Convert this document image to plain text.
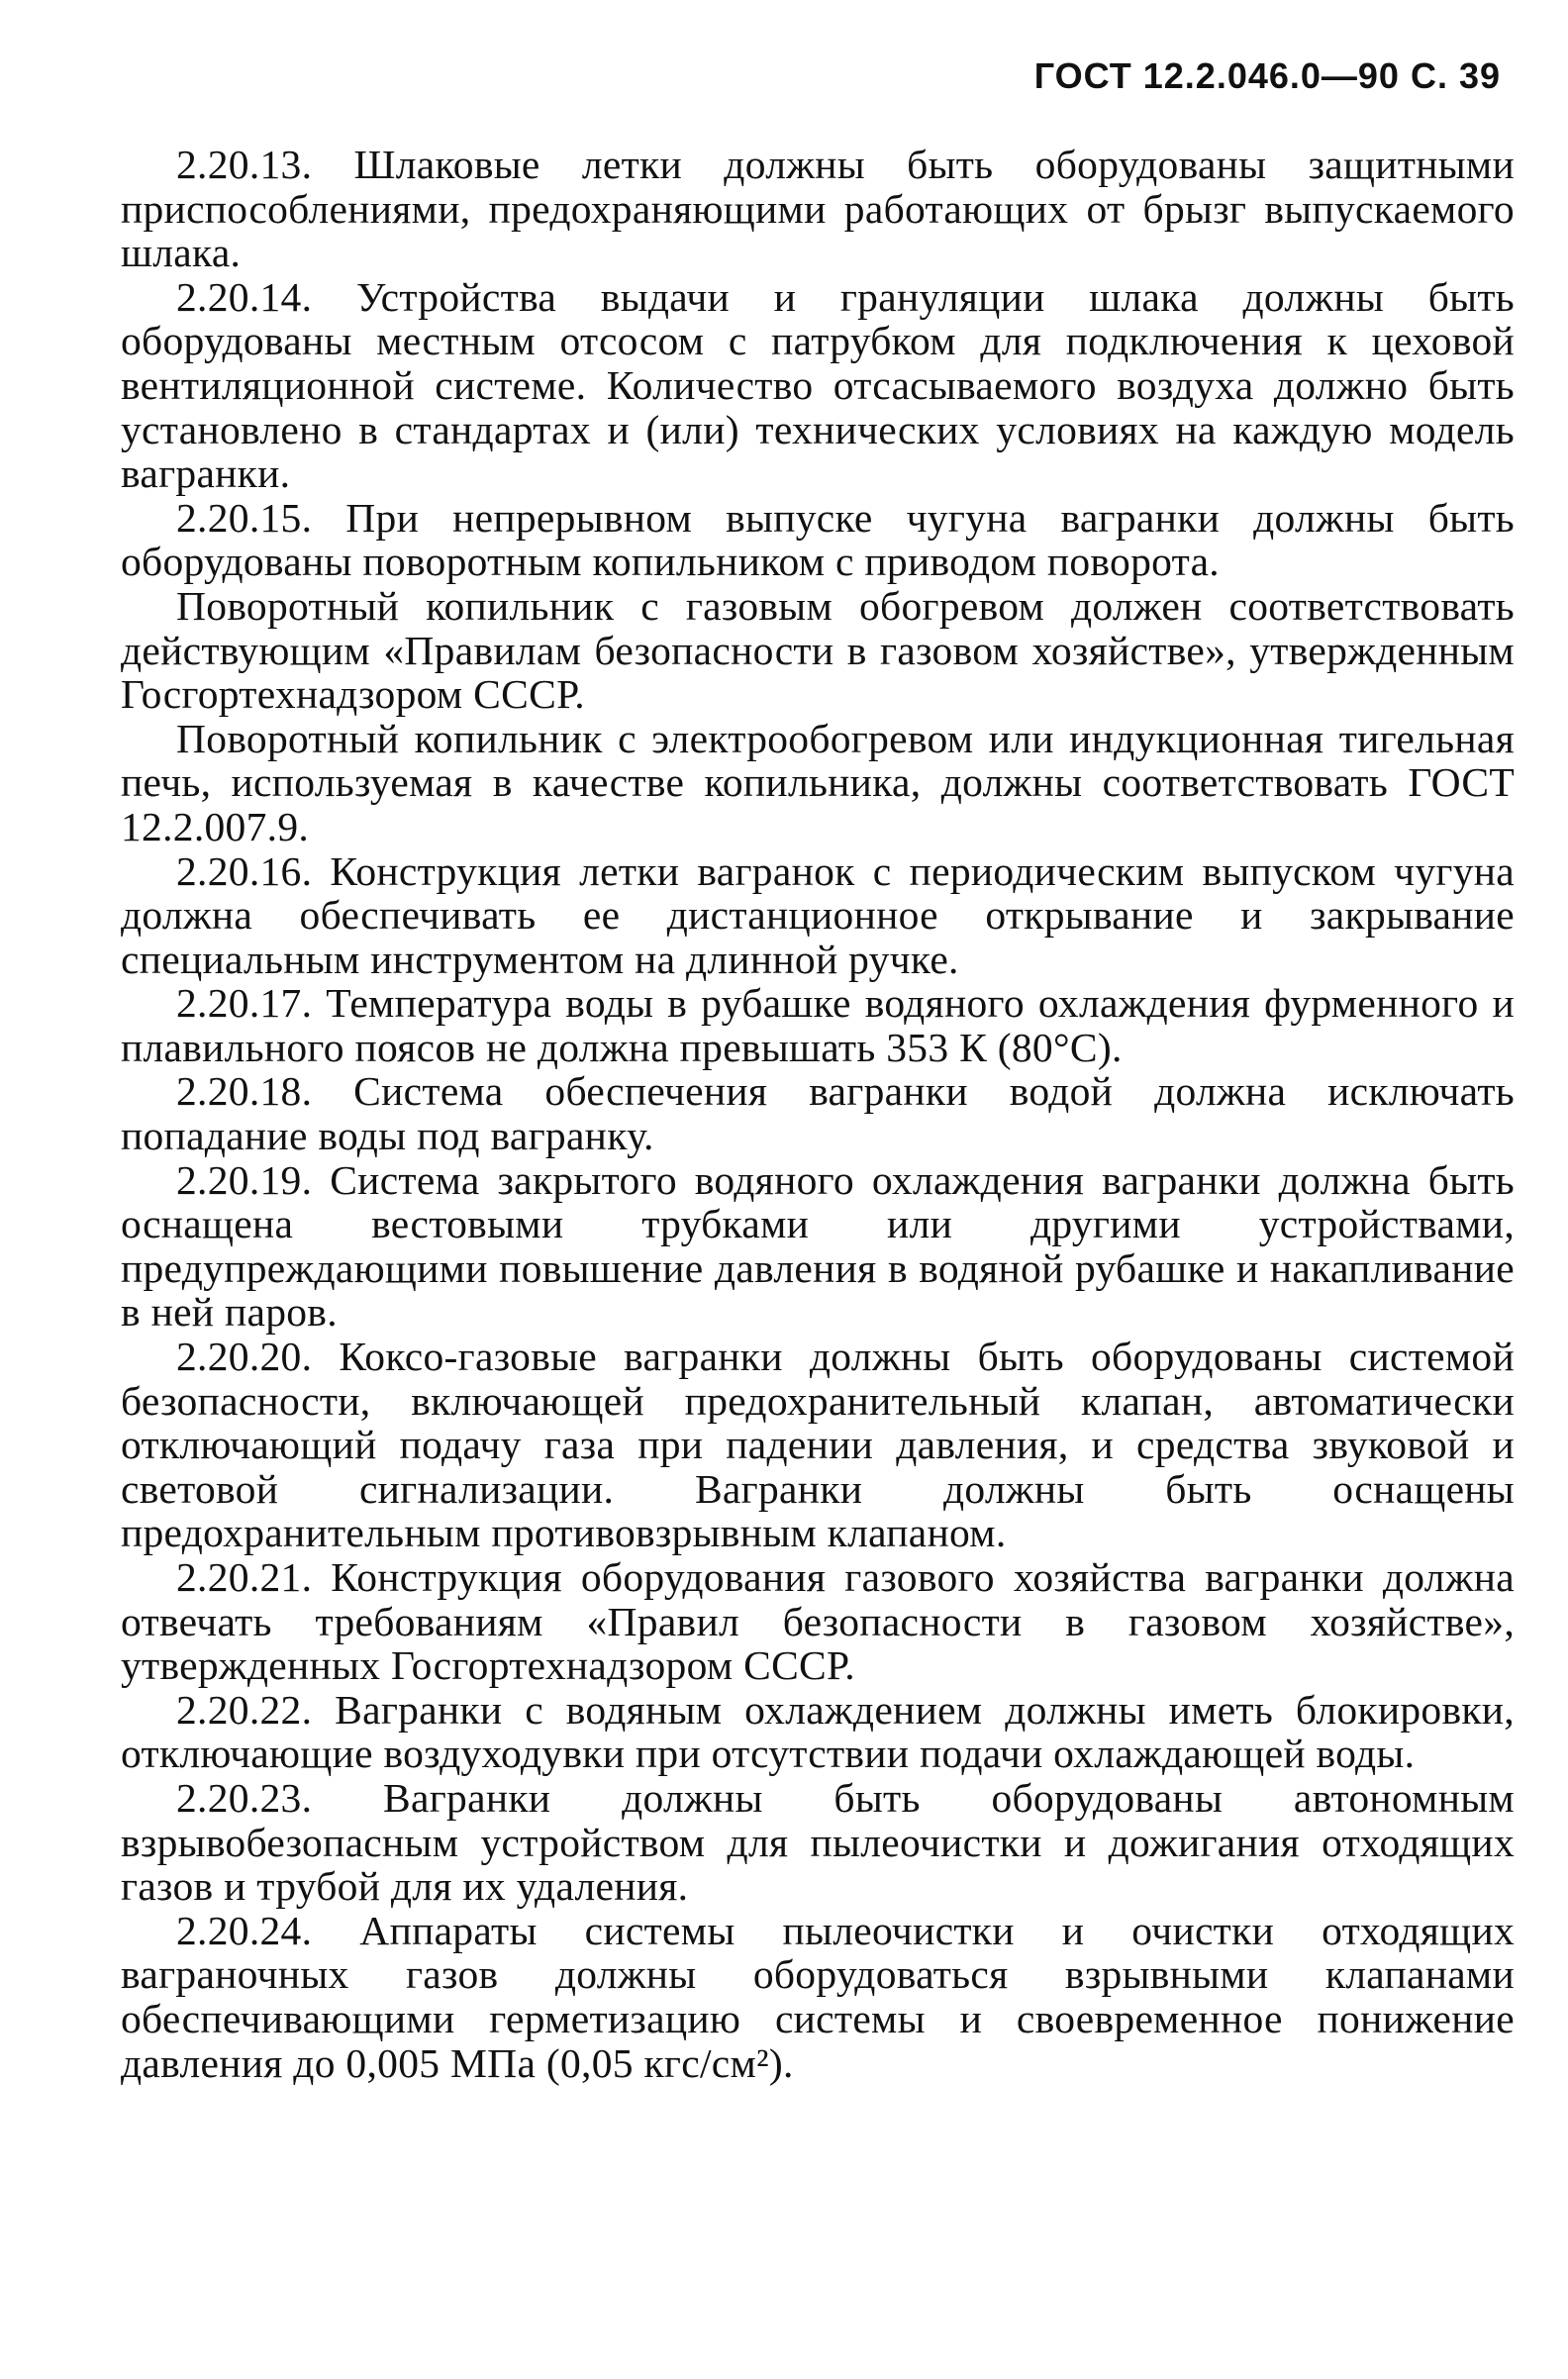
ГОСТ 12.2.046.0—90 С. 39

2.20.13. Шлаковые летки должны быть оборудованы защитными приспособлениями, предохраняющими работающих от брызг выпускаемого шлака.

2.20.14. Устройства выдачи и грануляции шлака должны быть оборудованы местным отсосом с патрубком для подключения к цеховой вентиляционной системе. Количество отсасываемого воздуха должно быть установлено в стандартах и (или) технических условиях на каждую модель вагранки.

2.20.15. При непрерывном выпуске чугуна вагранки должны быть оборудованы поворотным копильником с приводом поворота.

Поворотный копильник с газовым обогревом должен соответствовать действующим «Правилам безопасности в газовом хозяйстве», утвержденным Госгортехнадзором СССР.

Поворотный копильник с электрообогревом или индукционная тигельная печь, используемая в качестве копильника, должны соответствовать ГОСТ 12.2.007.9.

2.20.16. Конструкция летки вагранок с периодическим выпуском чугуна должна обеспечивать ее дистанционное открывание и закрывание специальным инструментом на длинной ручке.

2.20.17. Температура воды в рубашке водяного охлаждения фурменного и плавильного поясов не должна превышать 353 К (80°С).

2.20.18. Система обеспечения вагранки водой должна исключать попадание воды под вагранку.

2.20.19. Система закрытого водяного охлаждения вагранки должна быть оснащена вестовыми трубками или другими устройствами, предупреждающими повышение давления в водяной рубашке и накапливание в ней паров.

2.20.20. Коксо-газовые вагранки должны быть оборудованы системой безопасности, включающей предохранительный клапан, автоматически отключающий подачу газа при падении давления, и средства звуковой и световой сигнализации. Вагранки должны быть оснащены предохранительным противовзрывным клапаном.

2.20.21. Конструкция оборудования газового хозяйства вагранки должна отвечать требованиям «Правил безопасности в газовом хозяйстве», утвержденных Госгортехнадзором СССР.

2.20.22. Вагранки с водяным охлаждением должны иметь блокировки, отключающие воздуходувки при отсутствии подачи охлаждающей воды.

2.20.23. Вагранки должны быть оборудованы автономным взрывобезопасным устройством для пылеочистки и дожигания отходящих газов и трубой для их удаления.

2.20.24. Аппараты системы пылеочистки и очистки отходящих ваграночных газов должны оборудоваться взрывными клапанами обеспечивающими герметизацию системы и своевременное понижение давления до 0,005 МПа (0,05 кгс/см²).
